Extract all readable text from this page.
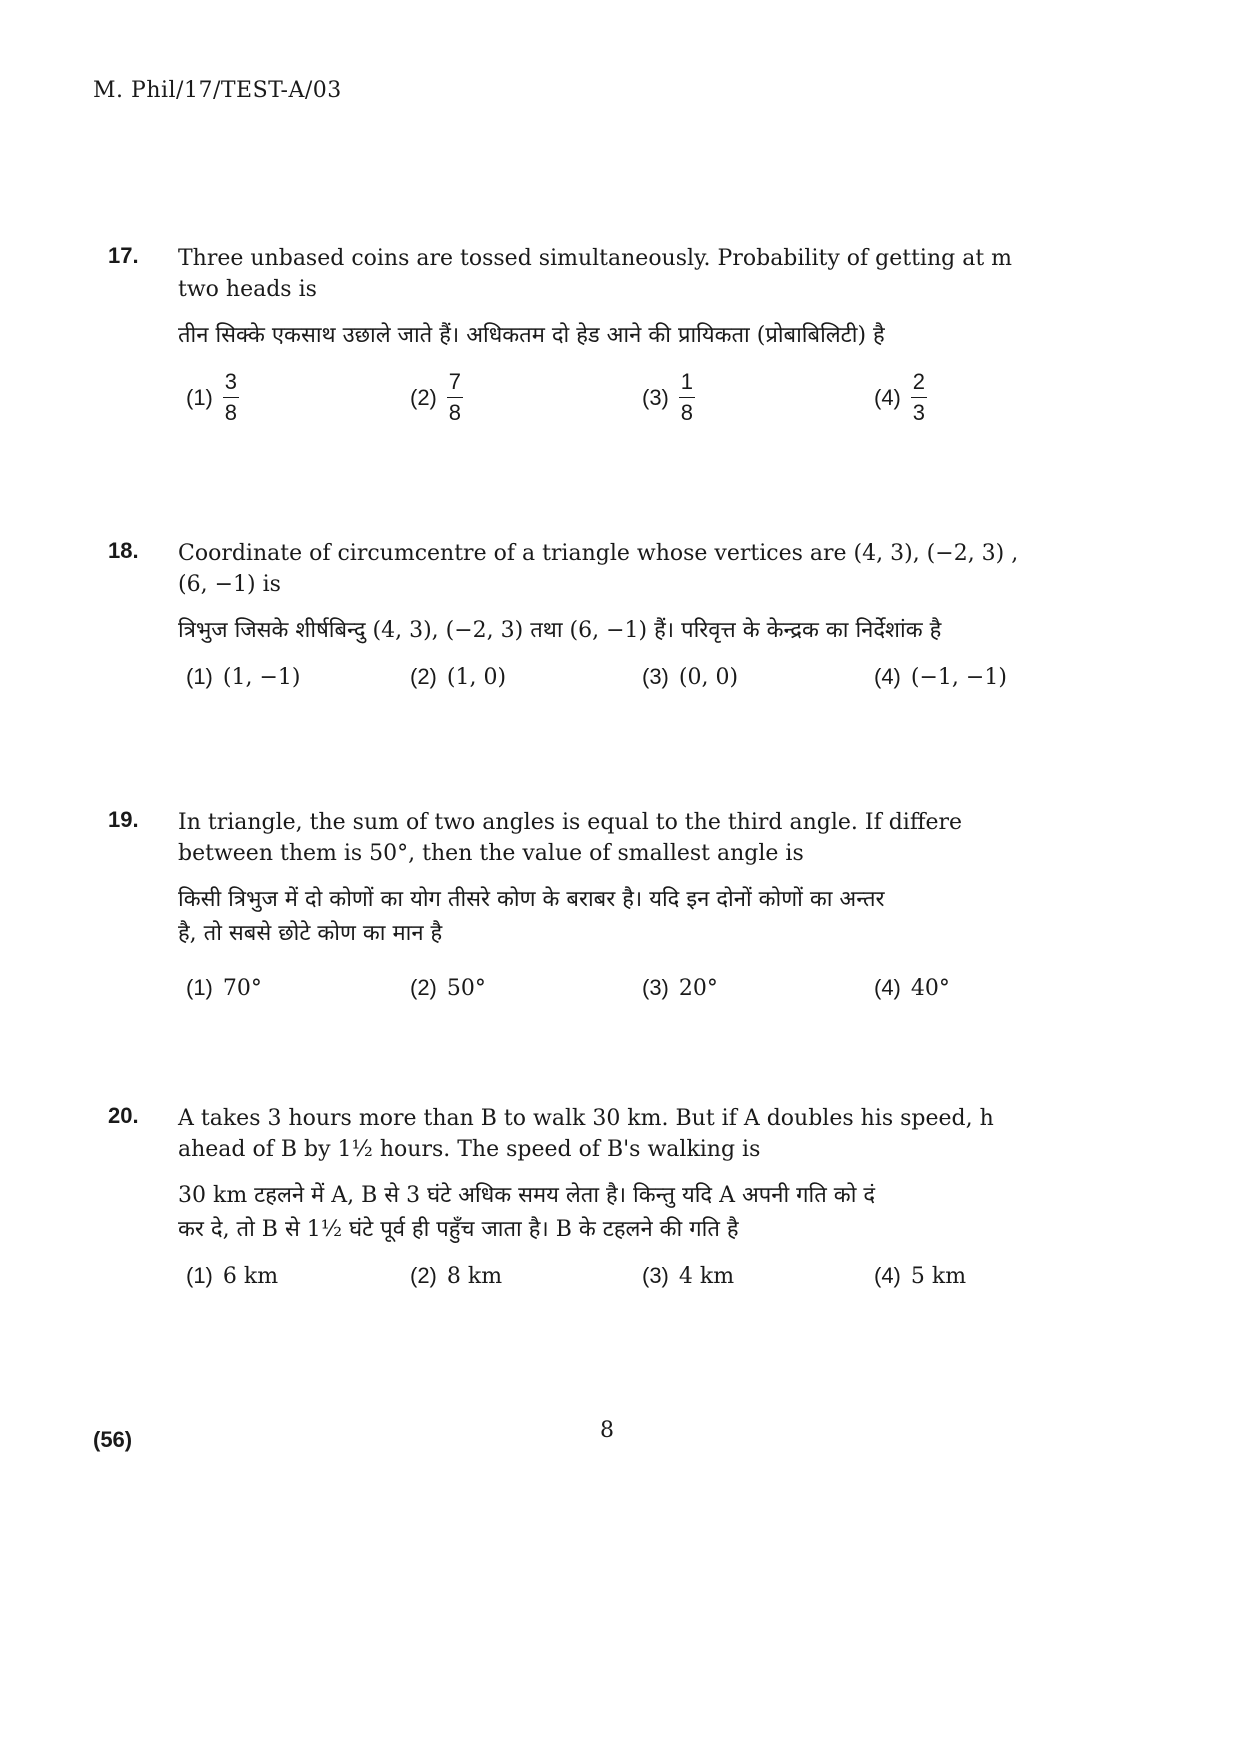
M. Phil/17/TEST-A/03
17. Three unbased coins are tossed simultaneously. Probability of getting at m
two heads is
तीन सिक्के एकसाथ उछाले जाते हैं। अधिकतम दो हेड आने की प्रायिकता (प्रोबाबिलिटी) है
$(1) \frac{3}{8}$	$(2) \frac{7}{8}$	$(3) \frac{1}{8}$	$(4) \frac{2}{3}$
18. Coordinate of circumcentre of a triangle whose vertices are (4, 3), (−2, 3) ,
(6, −1) is
त्रिभुज जिसके शीर्षबिन्दु (4, 3), (−2, 3) तथा (6, −1) हैं। परिवृत्त के केन्द्रक का निर्देशांक है
(1) (1, −1)	(2) (1, 0)	(3) (0, 0)	(4) (−1, −1)
19. In triangle, the sum of two angles is equal to the third angle. If differe
between them is 50°, then the value of smallest angle is
किसी त्रिभुज में दो कोणों का योग तीसरे कोण के बराबर है। यदि इन दोनों कोणों का अन्तर
है, तो सबसे छोटे कोण का मान है
(1) 70°	(2) 50°	(3) 20°	(4) 40°
20. A takes 3 hours more than B to walk 30 km. But if A doubles his speed, h
ahead of B by 1½ hours. The speed of B's walking is
30 km टहलने में A, B से 3 घंटे अधिक समय लेता है। किन्तु यदि A अपनी गति को दं
कर दे, तो B से 1½ घंटे पूर्व ही पहुँच जाता है। B के टहलने की गति है
(1) 6 km	(2) 8 km	(3) 4 km	(4) 5 km
(56)	8
